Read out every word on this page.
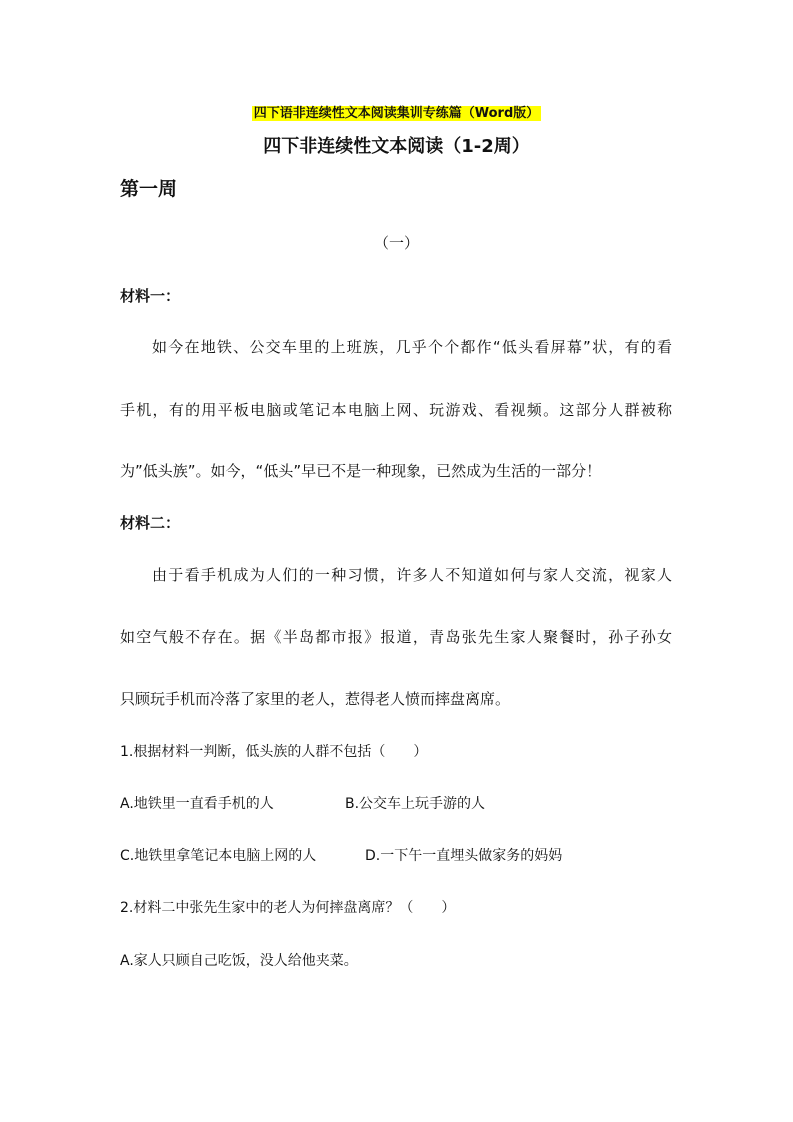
四下语非连续性文本阅读集训专练篇（Word版）
四下非连续性文本阅读（1-2周）
第一周
（一）
材料一：
如今在地铁、公交车里的上班族，几乎个个都作“低头看屏幕”状，有的看
手机，有的用平板电脑或笔记本电脑上网、玩游戏、看视频。这部分人群被称
为”低头族”。如今，“低头”早已不是一种现象，已然成为生活的一部分！
材料二：
由于看手机成为人们的一种习惯，许多人不知道如何与家人交流，视家人
如空气般不存在。据《半岛都市报》报道，青岛张先生家人聚餐时，孙子孙女
只顾玩手机而冷落了家里的老人，惹得老人愤而摔盘离席。
1.根据材料一判断，低头族的人群不包括（　　）
A.地铁里一直看手机的人	B.公交车上玩手游的人
C.地铁里拿笔记本电脑上网的人	D.一下午一直埋头做家务的妈妈
2.材料二中张先生家中的老人为何摔盘离席？（　　）
A.家人只顾自己吃饭，没人给他夹菜。
